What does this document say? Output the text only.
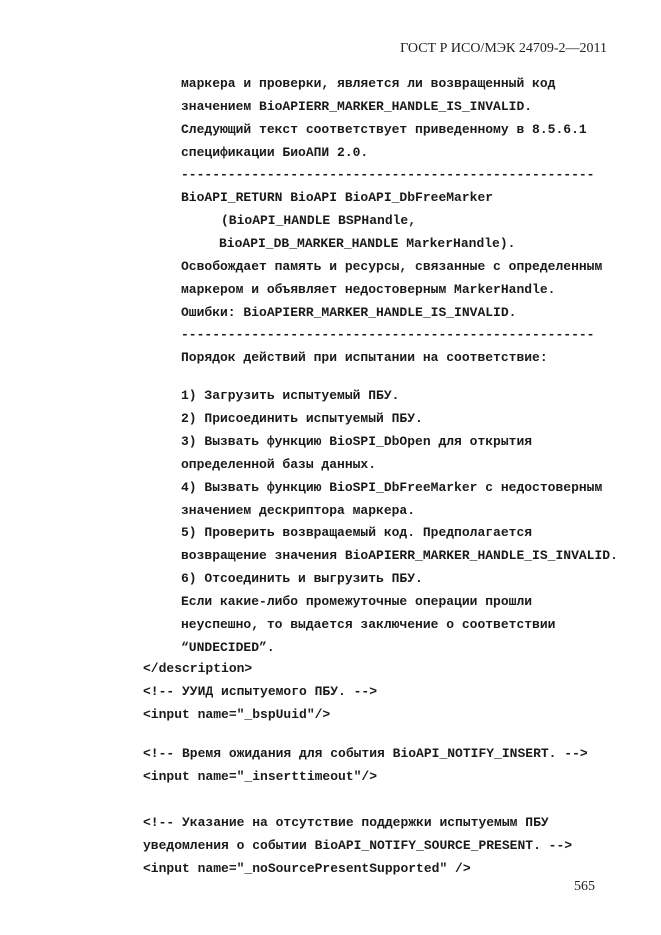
ГОСТ Р ИСО/МЭК 24709-2—2011
маркера и проверки, является ли возвращенный код
значением BioAPIERR_MARKER_HANDLE_IS_INVALID.
Следующий текст соответствует приведенному в 8.5.6.1
спецификации БиоАПИ 2.0.
-----------------------------------------------------
BioAPI_RETURN BioAPI BioAPI_DbFreeMarker
(BioAPI_HANDLE BSPHandle,
BioAPI_DB_MARKER_HANDLE MarkerHandle).
Освобождает память и ресурсы, связанные с определенным
маркером и объявляет недостоверным MarkerHandle.
Ошибки: BioAPIERR_MARKER_HANDLE_IS_INVALID.
-----------------------------------------------------
Порядок действий при испытании на соответствие:
1) Загрузить испытуемый ПБУ.
2) Присоединить испытуемый ПБУ.
3) Вызвать функцию BioSPI_DbOpen для открытия
определенной базы данных.
4) Вызвать функцию BioSPI_DbFreeMarker с недостоверным
значением дескриптора маркера.
5) Проверить возвращаемый код. Предполагается
возвращение значения BioAPIERR_MARKER_HANDLE_IS_INVALID.
6) Отсоединить и выгрузить ПБУ.
Если какие-либо промежуточные операции прошли
неуспешно, то выдается заключение о соответствии
“UNDECIDED”.
</description>
<!-- УУИД испытуемого ПБУ. -->
<input name="_bspUuid"/>
<!-- Время ожидания для события BioAPI_NOTIFY_INSERT. -->
<input name="_inserttimeout"/>
<!-- Указание на отсутствие поддержки испытуемым ПБУ
уведомления о событии BioAPI_NOTIFY_SOURCE_PRESENT. -->
<input name="_noSourcePresentSupported" />
565
